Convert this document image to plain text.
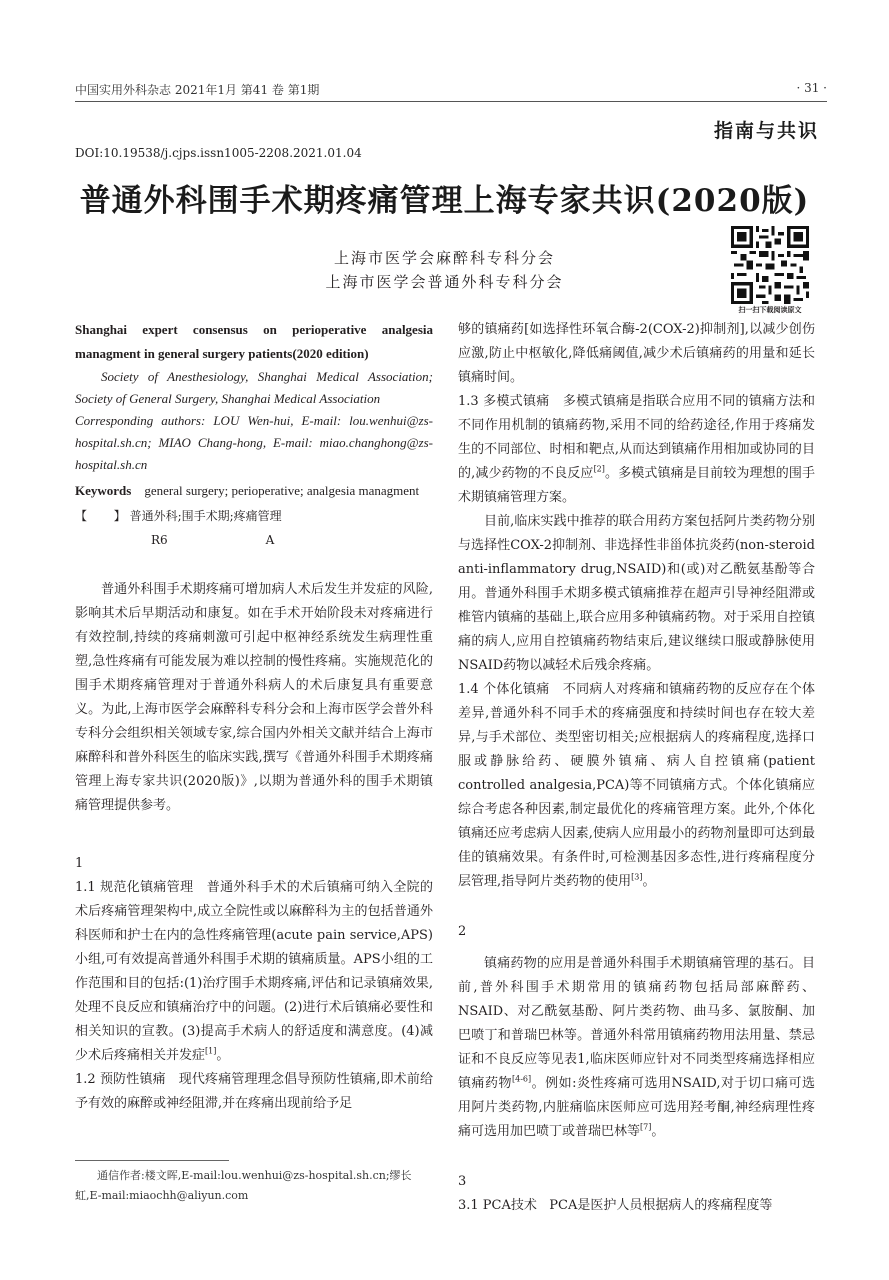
中国实用外科杂志 2021年1月 第41 卷 第1期	· 31 ·
指南与共识
DOI:10.19538/j.cjps.issn1005-2208.2021.01.04
普通外科围手术期疼痛管理上海专家共识(2020版)
上海市医学会麻醉科专科分会
上海市医学会普通外科专科分会
扫一扫下载阅读原文

Shanghai expert consensus on perioperative analgesia managment in general surgery patients(2020 edition)

Society of Anesthesiology, Shanghai Medical Association; Society of General Surgery, Shanghai Medical Association

Corresponding authors: LOU Wen-hui, E-mail: lou.wenhui@zs-hospital.sh.cn; MIAO Chang-hong, E-mail: miao.changhong@zs-hospital.sh.cn

Keywords general surgery; perioperative; analgesia managment

【 】 普通外科;围手术期;疼痛管理

R6	A

普通外科围手术期疼痛可增加病人术后发生并发症的风险,影响其术后早期活动和康复。如在手术开始阶段未对疼痛进行有效控制,持续的疼痛刺激可引起中枢神经系统发生病理性重塑,急性疼痛有可能发展为难以控制的慢性疼痛。实施规范化的围手术期疼痛管理对于普通外科病人的术后康复具有重要意义。为此,上海市医学会麻醉科专科分会和上海市医学会普外科专科分会组织相关领域专家,综合国内外相关文献并结合上海市麻醉科和普外科医生的临床实践,撰写《普通外科围手术期疼痛管理上海专家共识(2020版)》,以期为普通外科的围手术期镇痛管理提供参考。

1

1.1 规范化镇痛管理 普通外科手术的术后镇痛可纳入全院的术后疼痛管理架构中,成立全院性或以麻醉科为主的包括普通外科医师和护士在内的急性疼痛管理(acute pain service,APS)小组,可有效提高普通外科围手术期的镇痛质量。APS小组的工作范围和目的包括:(1)治疗围手术期疼痛,评估和记录镇痛效果,处理不良反应和镇痛治疗中的问题。(2)进行术后镇痛必要性和相关知识的宣教。(3)提高手术病人的舒适度和满意度。(4)减少术后疼痛相关并发症[1]。

1.2 预防性镇痛 现代疼痛管理理念倡导预防性镇痛,即术前给予有效的麻醉或神经阻滞,并在疼痛出现前给予足

通信作者:楼文晖,E-mail:lou.wenhui@zs-hospital.sh.cn;缪长虹,E-mail:miaochh@aliyun.com

够的镇痛药[如选择性环氧合酶-2(COX-2)抑制剂],以减少创伤应激,防止中枢敏化,降低痛阈值,减少术后镇痛药的用量和延长镇痛时间。

1.3 多模式镇痛 多模式镇痛是指联合应用不同的镇痛方法和不同作用机制的镇痛药物,采用不同的给药途径,作用于疼痛发生的不同部位、时相和靶点,从而达到镇痛作用相加或协同的目的,减少药物的不良反应[2]。多模式镇痛是目前较为理想的围手术期镇痛管理方案。

目前,临床实践中推荐的联合用药方案包括阿片类药物分别与选择性COX-2抑制剂、非选择性非甾体抗炎药(non-steroid anti-inflammatory drug,NSAID)和(或)对乙酰氨基酚等合用。普通外科围手术期多模式镇痛推荐在超声引导神经阻滞或椎管内镇痛的基础上,联合应用多种镇痛药物。对于采用自控镇痛的病人,应用自控镇痛药物结束后,建议继续口服或静脉使用NSAID药物以减轻术后残余疼痛。

1.4 个体化镇痛 不同病人对疼痛和镇痛药物的反应存在个体差异,普通外科不同手术的疼痛强度和持续时间也存在较大差异,与手术部位、类型密切相关;应根据病人的疼痛程度,选择口服或静脉给药、硬膜外镇痛、病人自控镇痛(patient controlled analgesia,PCA)等不同镇痛方式。个体化镇痛应综合考虑各种因素,制定最优化的疼痛管理方案。此外,个体化镇痛还应考虑病人因素,使病人应用最小的药物剂量即可达到最佳的镇痛效果。有条件时,可检测基因多态性,进行疼痛程度分层管理,指导阿片类药物的使用[3]。

2

镇痛药物的应用是普通外科围手术期镇痛管理的基石。目前,普外科围手术期常用的镇痛药物包括局部麻醉药、NSAID、对乙酰氨基酚、阿片类药物、曲马多、氯胺酮、加巴喷丁和普瑞巴林等。普通外科常用镇痛药物用法用量、禁忌证和不良反应等见表1,临床医师应针对不同类型疼痛选择相应镇痛药物[4-6]。例如:炎性疼痛可选用NSAID,对于切口痛可选用阿片类药物,内脏痛临床医师应可选用羟考酮,神经病理性疼痛可选用加巴喷丁或普瑞巴林等[7]。

3

3.1 PCA技术 PCA是医护人员根据病人的疼痛程度等
